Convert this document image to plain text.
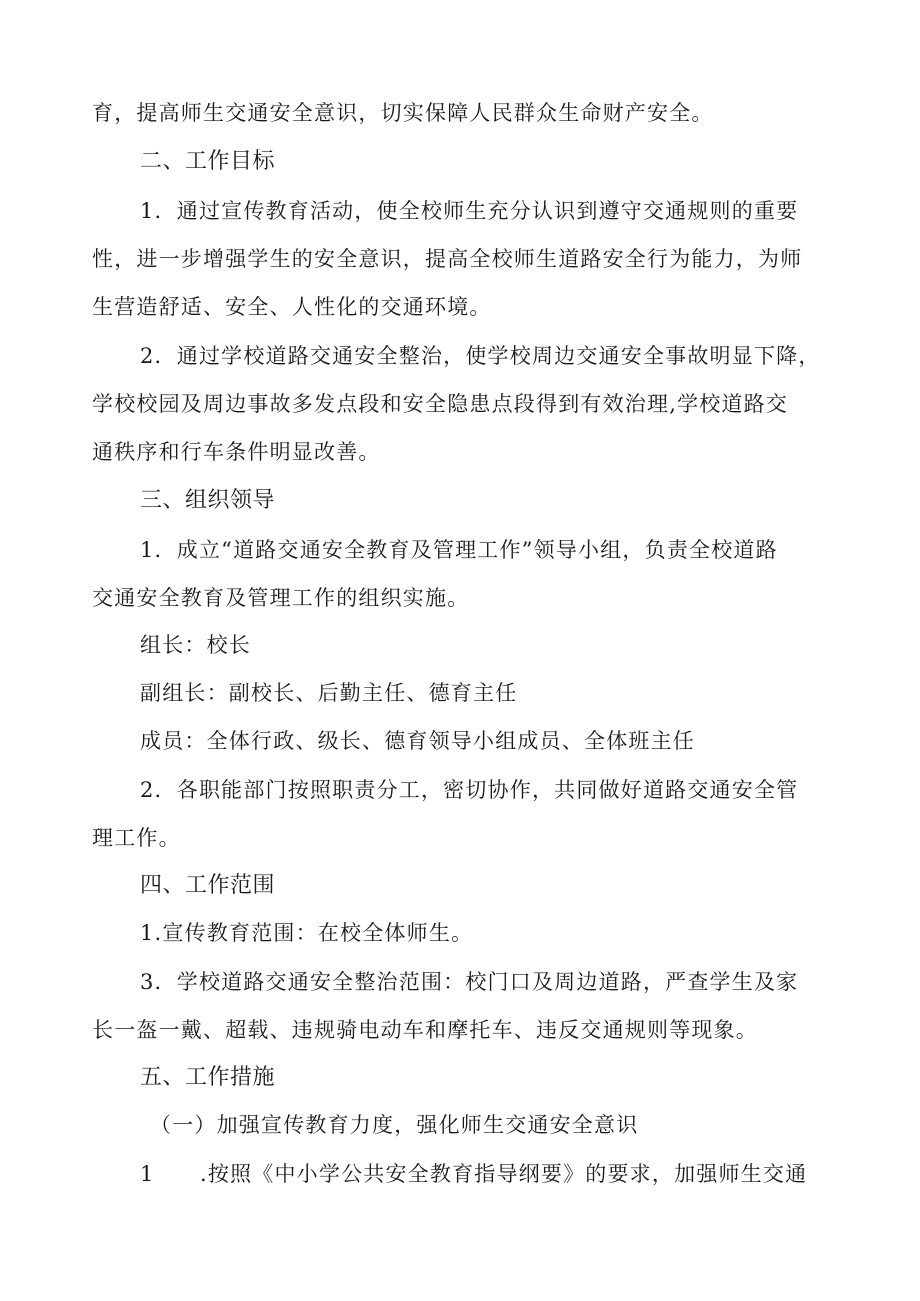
育，提高师生交通安全意识，切实保障人民群众生命财产安全。
二、工作目标
1．通过宣传教育活动，使全校师生充分认识到遵守交通规则的重要
性，进一步增强学生的安全意识，提高全校师生道路安全行为能力，为师
生营造舒适、安全、人性化的交通环境。
2．通过学校道路交通安全整治，使学校周边交通安全事故明显下降，
学校校园及周边事故多发点段和安全隐患点段得到有效治理,学校道路交
通秩序和行车条件明显改善。
三、组织领导
1．成立“道路交通安全教育及管理工作”领导小组，负责全校道路
交通安全教育及管理工作的组织实施。
组长：校长
副组长：副校长、后勤主任、德育主任
成员：全体行政、级长、德育领导小组成员、全体班主任
2．各职能部门按照职责分工，密切协作，共同做好道路交通安全管
理工作。
四、工作范围
1.宣传教育范围：在校全体师生。
3．学校道路交通安全整治范围：校门口及周边道路，严查学生及家
长一盔一戴、超载、违规骑电动车和摩托车、违反交通规则等现象。
五、工作措施
（一）加强宣传教育力度，强化师生交通安全意识
1 .按照《中小学公共安全教育指导纲要》的要求，加强师生交通
